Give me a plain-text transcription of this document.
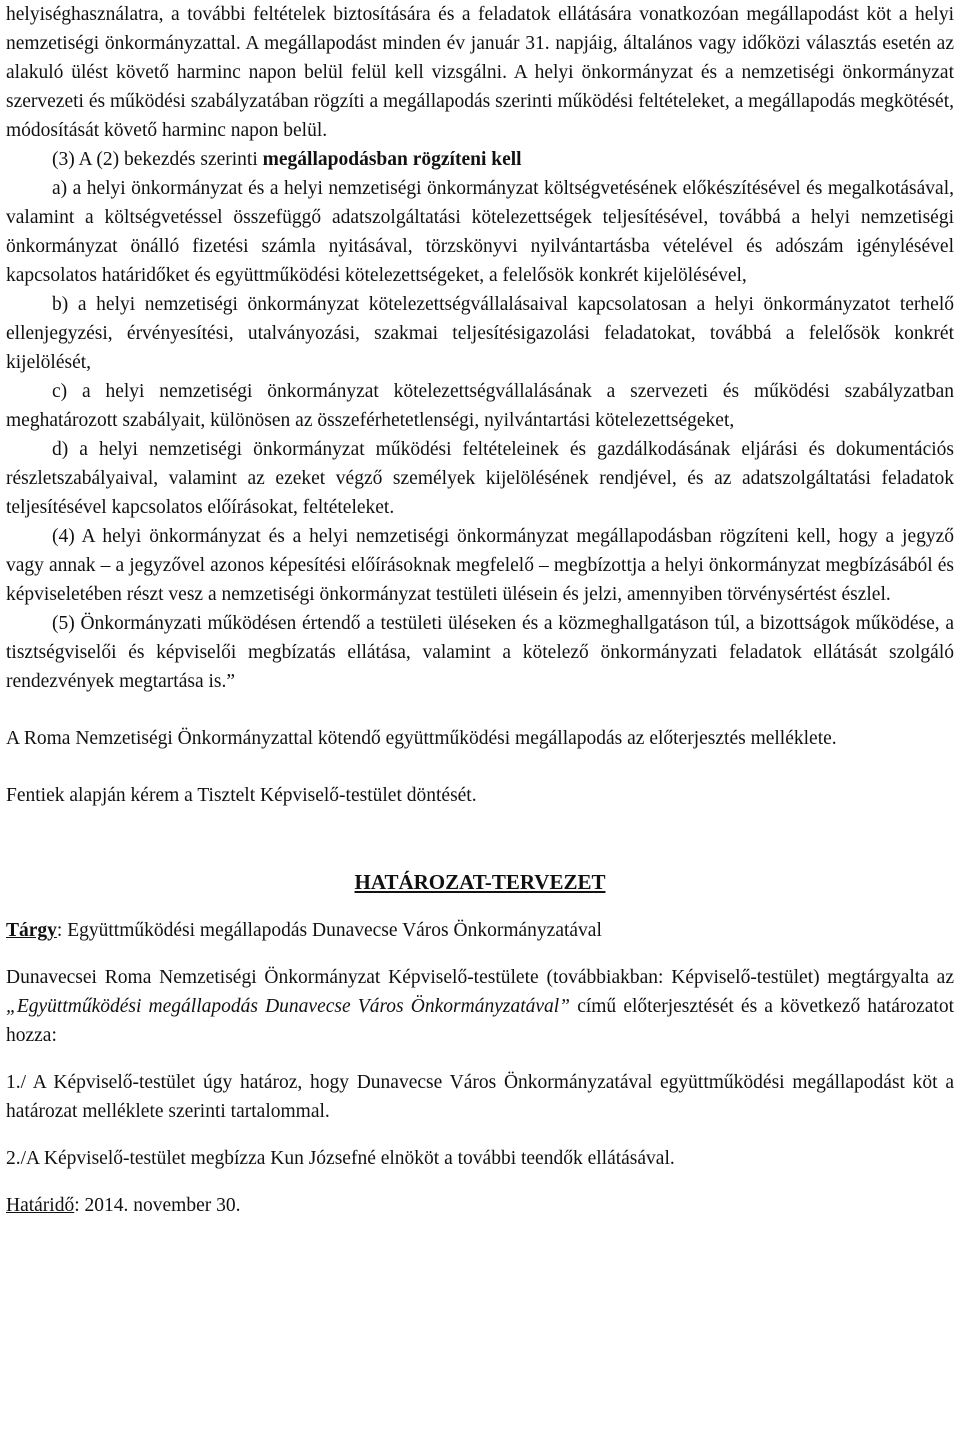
helyiséghasználatra, a további feltételek biztosítására és a feladatok ellátására vonatkozóan megállapodást köt a helyi nemzetiségi önkormányzattal. A megállapodást minden év január 31. napjáig, általános vagy időközi választás esetén az alakuló ülést követő harminc napon belül felül kell vizsgálni. A helyi önkormányzat és a nemzetiségi önkormányzat szervezeti és működési szabályzatában rögzíti a megállapodás szerinti működési feltételeket, a megállapodás megkötését, módosítását követő harminc napon belül.

(3) A (2) bekezdés szerinti megállapodásban rögzíteni kell

a) a helyi önkormányzat és a helyi nemzetiségi önkormányzat költségvetésének előkészítésével és megalkotásával, valamint a költségvetéssel összefüggő adatszolgáltatási kötelezettségek teljesítésével, továbbá a helyi nemzetiségi önkormányzat önálló fizetési számla nyitásával, törzskönyvi nyilvántartásba vételével és adószám igénylésével kapcsolatos határidőket és együttműködési kötelezettségeket, a felelősök konkrét kijelölésével,

b) a helyi nemzetiségi önkormányzat kötelezettségvállalásaival kapcsolatosan a helyi önkormányzatot terhelő ellenjegyzési, érvényesítési, utalványozási, szakmai teljesítésigazolási feladatokat, továbbá a felelősök konkrét kijelölését,

c) a helyi nemzetiségi önkormányzat kötelezettségvállalásának a szervezeti és működési szabályzatban meghatározott szabályait, különösen az összeférhetetlenségi, nyilvántartási kötelezettségeket,

d) a helyi nemzetiségi önkormányzat működési feltételeinek és gazdálkodásának eljárási és dokumentációs részletszabályaival, valamint az ezeket végző személyek kijelölésének rendjével, és az adatszolgáltatási feladatok teljesítésével kapcsolatos előírásokat, feltételeket.

(4) A helyi önkormányzat és a helyi nemzetiségi önkormányzat megállapodásban rögzíteni kell, hogy a jegyző vagy annak – a jegyzővel azonos képesítési előírásoknak megfelelő – megbízottja a helyi önkormányzat megbízásából és képviseletében részt vesz a nemzetiségi önkormányzat testületi ülésein és jelzi, amennyiben törvénysértést észlel.

(5) Önkormányzati működésen értendő a testületi üléseken és a közmeghallgatáson túl, a bizottságok működése, a tisztségviselői és képviselői megbízatás ellátása, valamint a kötelező önkormányzati feladatok ellátását szolgáló rendezvények megtartása is.”

A Roma Nemzetiségi Önkormányzattal kötendő együttműködési megállapodás az előterjesztés melléklete.

Fentiek alapján kérem a Tisztelt Képviselő-testület döntését.

HATÁROZAT-TERVEZET

Tárgy: Együttműködési megállapodás Dunavecse Város Önkormányzatával

Dunavecsei Roma Nemzetiségi Önkormányzat Képviselő-testülete (továbbiakban: Képviselő-testület) megtárgyalta az „Együttműködési megállapodás Dunavecse Város Önkormányzatával” című előterjesztését és a következő határozatot hozza:

1./ A Képviselő-testület úgy határoz, hogy Dunavecse Város Önkormányzatával együttműködési megállapodást köt a határozat melléklete szerinti tartalommal.

2./A Képviselő-testület megbízza Kun Józsefné elnököt a további teendők ellátásával.

Határidő: 2014. november 30.
